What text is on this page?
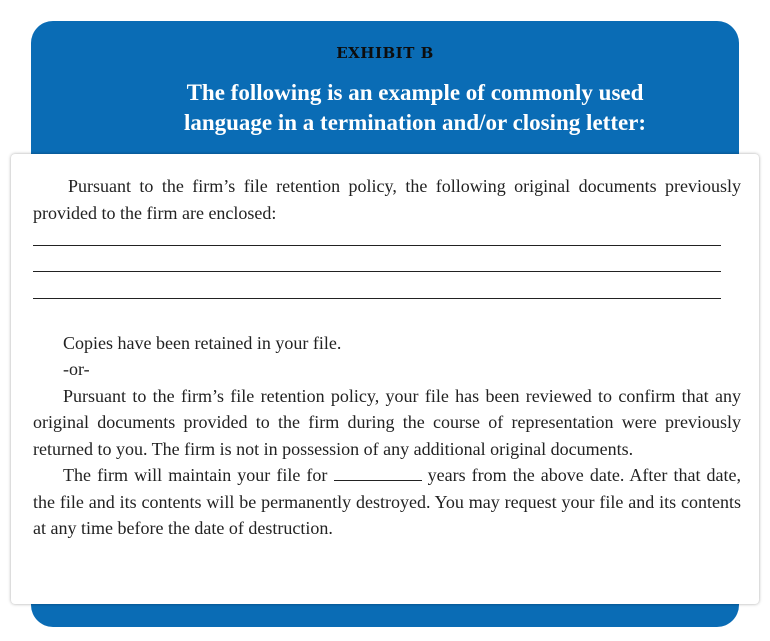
EXHIBIT B
The following is an example of commonly used
language in a termination and/or closing letter:

Pursuant to the firm’s file retention policy, the following original documents previously provided to the firm are enclosed:

Copies have been retained in your file.

-or-

Pursuant to the firm’s file retention policy, your file has been reviewed to confirm that any original documents provided to the firm during the course of representation were previously returned to you. The firm is not in possession of any additional original documents.

The firm will maintain your file for	years from the above date. After that date, the file and its contents will be permanently destroyed. You may request your file and its contents at any time before the date of destruction.
